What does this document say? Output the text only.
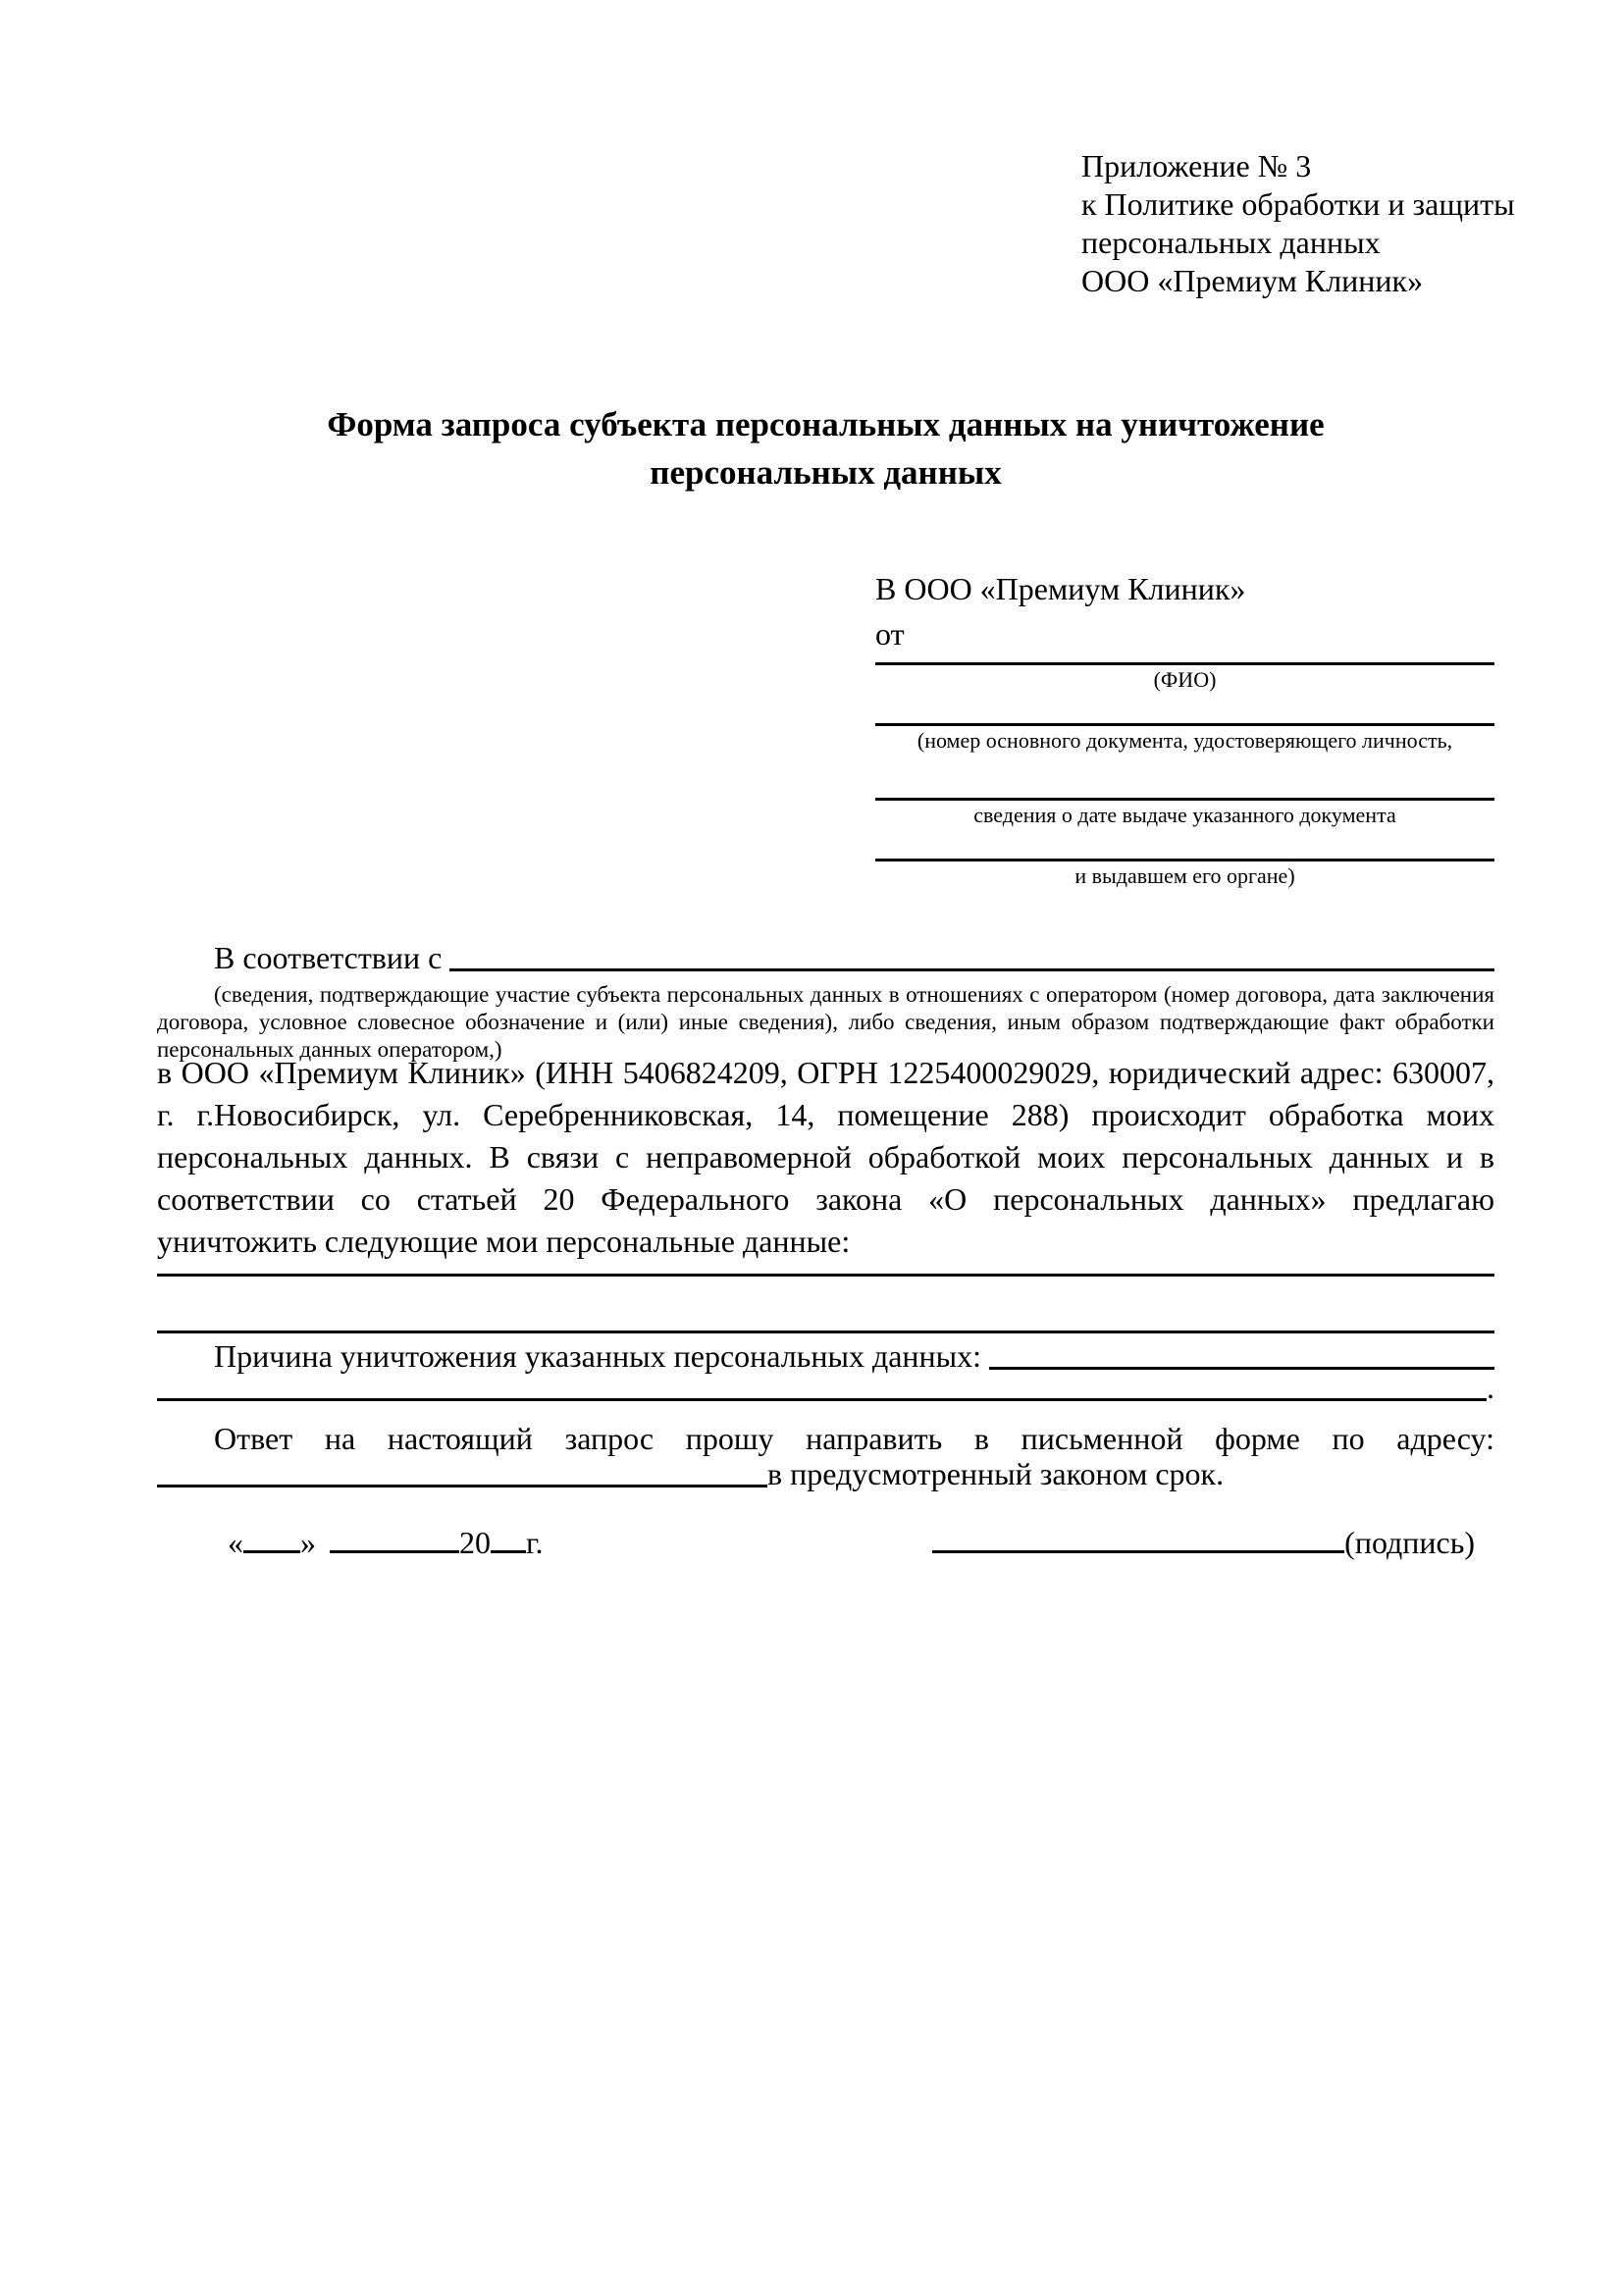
Приложение № 3
к Политике обработки и защиты
персональных данных
ООО «Премиум Клиник»
Форма запроса субъекта персональных данных на уничтожение
персональных данных
В ООО «Премиум Клиник»
от
(ФИО)
(номер основного документа, удостоверяющего личность,
сведения о дате выдаче указанного документа
и выдавшем его органе)
В соответствии с
(сведения, подтверждающие участие субъекта персональных данных в отношениях с оператором (номер договора, дата заключения договора, условное словесное обозначение и (или) иные сведения), либо сведения, иным образом подтверждающие факт обработки персональных данных оператором,)
в ООО «Премиум Клиник» (ИНН 5406824209, ОГРН 1225400029029, юридический адрес: 630007, г. г.Новосибирск, ул. Серебренниковская, 14, помещение 288) происходит обработка моих персональных данных. В связи с неправомерной обработкой моих персональных данных и в соответствии со статьей 20 Федерального закона «О персональных данных» предлагаю уничтожить следующие мои персональные данные:
Причина уничтожения указанных персональных данных:
.
Ответ на настоящий запрос прошу направить в письменной форме по адресу:
в предусмотренный законом срок.
« »	20 г.	(подпись)
